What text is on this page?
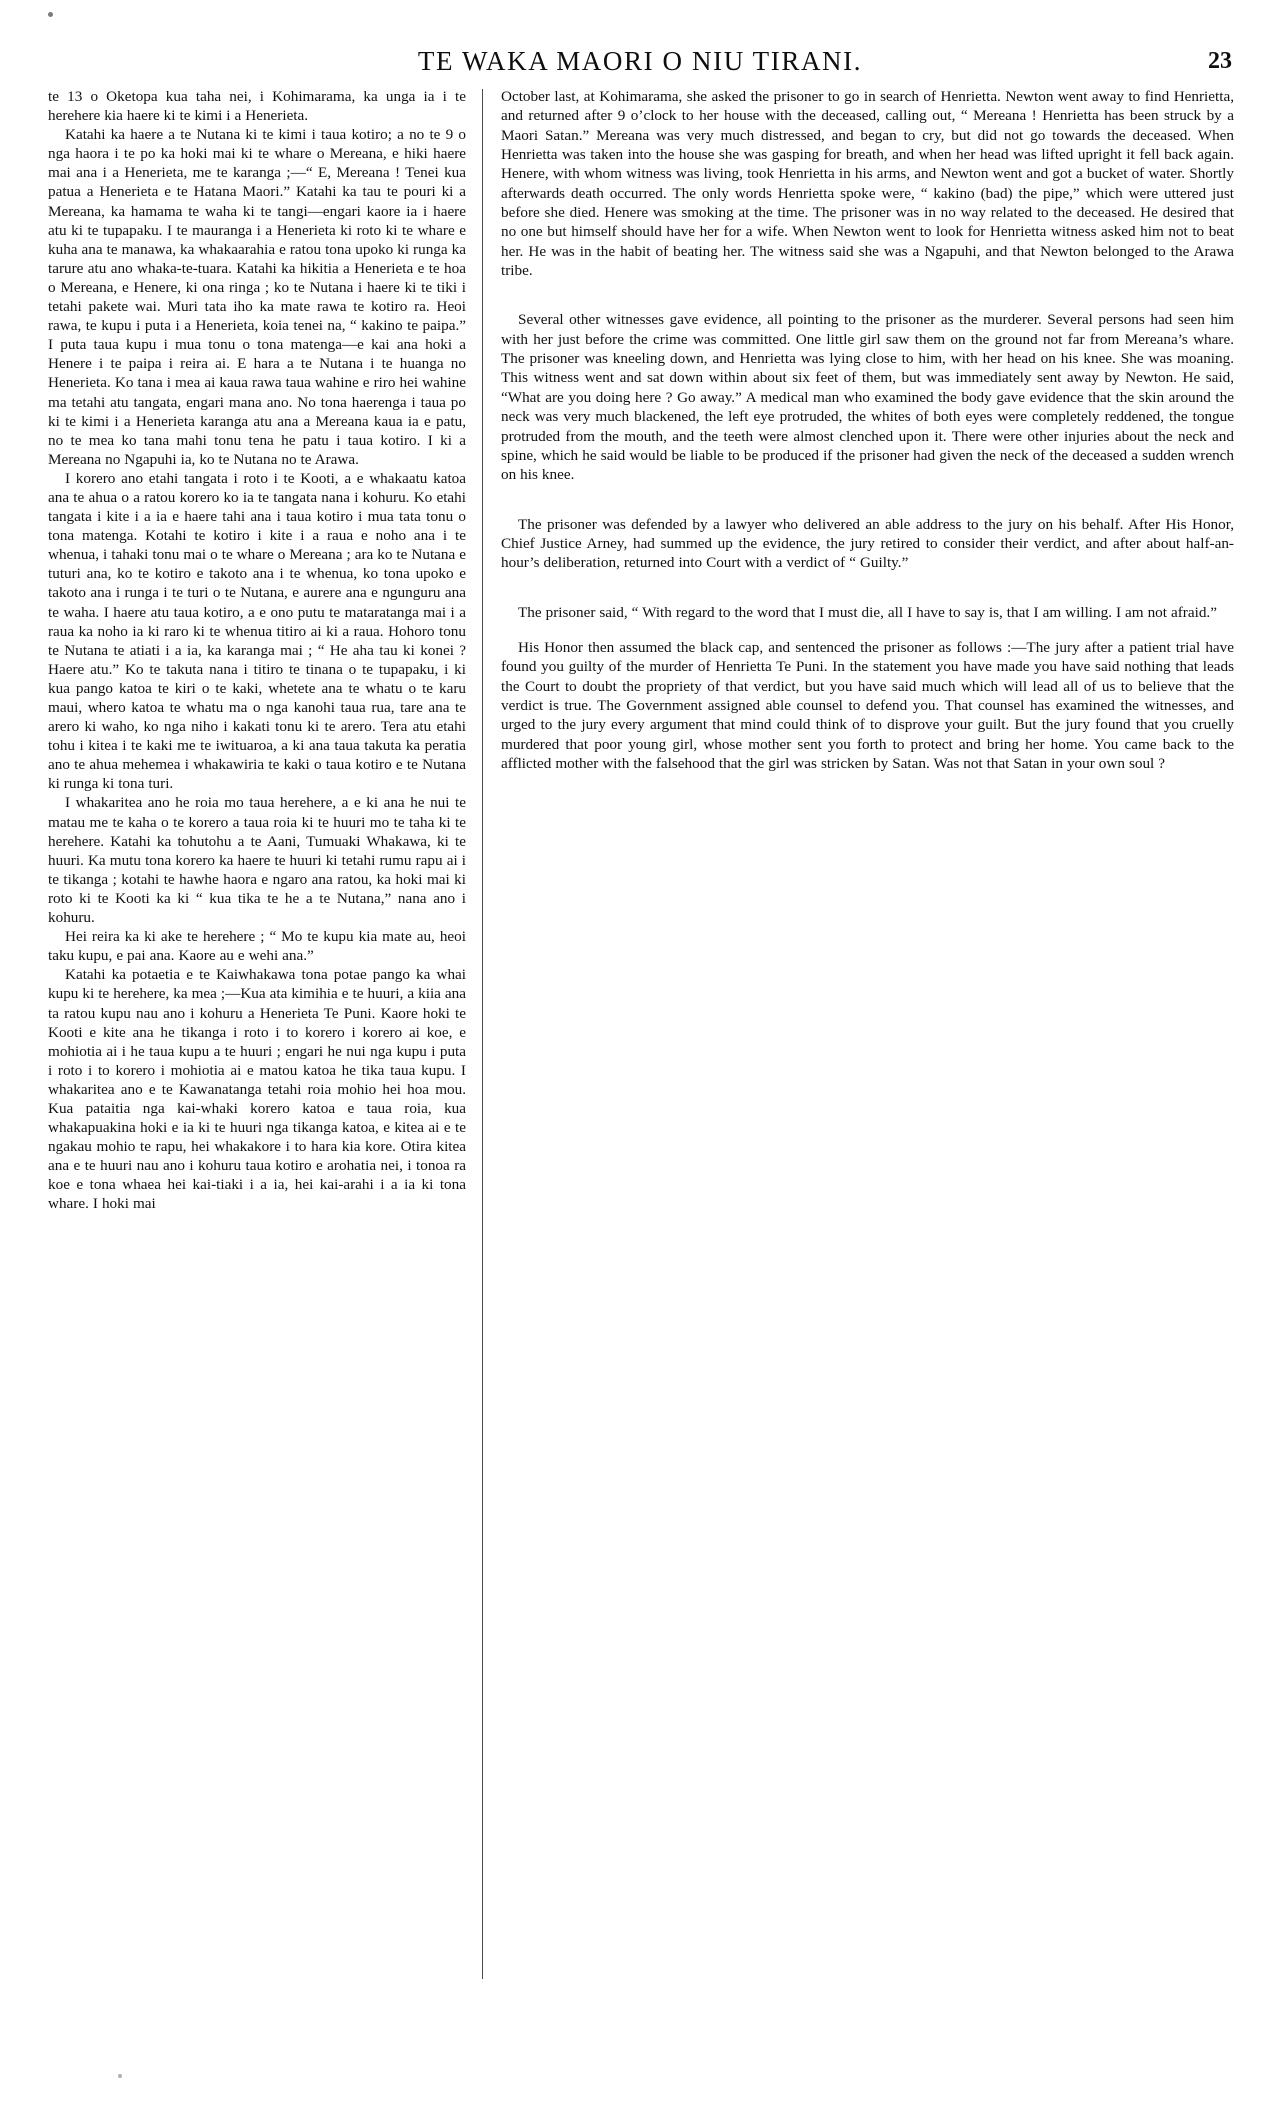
TE WAKA MAORI O NIU TIRANI.	23

te 13 o Oketopa kua taha nei, i Kohimarama, ka unga ia i te herehere kia haere ki te kimi i a Henerieta.

Katahi ka haere a te Nutana ki te kimi i taua kotiro; a no te 9 o nga haora i te po ka hoki mai ki te whare o Mereana, e hiki haere mai ana i a Henerieta, me te karanga ;—“ E, Mereana ! Tenei kua patua a Henerieta e te Hatana Maori.” Katahi ka tau te pouri ki a Mereana, ka hamama te waha ki te tangi—engari kaore ia i haere atu ki te tupapaku. I te mauranga i a Henerieta ki roto ki te whare e kuha ana te manawa, ka whakaarahia e ratou tona upoko ki runga ka tarure atu ano whaka-te-tuara. Katahi ka hikitia a Henerieta e te hoa o Mereana, e Henere, ki ona ringa ; ko te Nutana i haere ki te tiki i tetahi pakete wai. Muri tata iho ka mate rawa te kotiro ra. Heoi rawa, te kupu i puta i a Henerieta, koia tenei na, “ kakino te paipa.” I puta taua kupu i mua tonu o tona matenga—e kai ana hoki a Henere i te paipa i reira ai. E hara a te Nutana i te huanga no Henerieta. Ko tana i mea ai kaua rawa taua wahine e riro hei wahine ma tetahi atu tangata, engari mana ano. No tona haerenga i taua po ki te kimi i a Henerieta karanga atu ana a Mereana kaua ia e patu, no te mea ko tana mahi tonu tena he patu i taua kotiro. I ki a Mereana no Ngapuhi ia, ko te Nutana no te Arawa.

I korero ano etahi tangata i roto i te Kooti, a e whakaatu katoa ana te ahua o a ratou korero ko ia te tangata nana i kohuru. Ko etahi tangata i kite i a ia e haere tahi ana i taua kotiro i mua tata tonu o tona matenga. Kotahi te kotiro i kite i a raua e noho ana i te whenua, i tahaki tonu mai o te whare o Mereana ; ara ko te Nutana e tuturi ana, ko te kotiro e takoto ana i te whenua, ko tona upoko e takoto ana i runga i te turi o te Nutana, e aurere ana e ngunguru ana te waha. I haere atu taua kotiro, a e ono putu te mataratanga mai i a raua ka noho ia ki raro ki te whenua titiro ai ki a raua. Hohoro tonu te Nutana te atiati i a ia, ka karanga mai ; “ He aha tau ki konei ? Haere atu.” Ko te takuta nana i titiro te tinana o te tupapaku, i ki kua pango katoa te kiri o te kaki, whetete ana te whatu o te karu maui, whero katoa te whatu ma o nga kanohi taua rua, tare ana te arero ki waho, ko nga niho i kakati tonu ki te arero. Tera atu etahi tohu i kitea i te kaki me te iwituaroa, a ki ana taua takuta ka peratia ano te ahua mehemea i whakawiria te kaki o taua kotiro e te Nutana ki runga ki tona turi.

I whakaritea ano he roia mo taua herehere, a e ki ana he nui te matau me te kaha o te korero a taua roia ki te huuri mo te taha ki te herehere. Katahi ka tohutohu a te Aani, Tumuaki Whakawa, ki te huuri. Ka mutu tona korero ka haere te huuri ki tetahi rumu rapu ai i te tikanga ; kotahi te hawhe haora e ngaro ana ratou, ka hoki mai ki roto ki te Kooti ka ki “ kua tika te he a te Nutana,” nana ano i kohuru.

Hei reira ka ki ake te herehere ; “ Mo te kupu kia mate au, heoi taku kupu, e pai ana. Kaore au e wehi ana.”

Katahi ka potaetia e te Kaiwhakawa tona potae pango ka whai kupu ki te herehere, ka mea ;—Kua ata kimihia e te huuri, a kiia ana ta ratou kupu nau ano i kohuru a Henerieta Te Puni. Kaore hoki te Kooti e kite ana he tikanga i roto i to korero i korero ai koe, e mohiotia ai i he taua kupu a te huuri ; engari he nui nga kupu i puta i roto i to korero i mohiotia ai e matou katoa he tika taua kupu. I whakaritea ano e te Kawanatanga tetahi roia mohio hei hoa mou. Kua pataitia nga kai-whaki korero katoa e taua roia, kua whakapuakina hoki e ia ki te huuri nga tikanga katoa, e kitea ai e te ngakau mohio te rapu, hei whakakore i to hara kia kore. Otira kitea ana e te huuri nau ano i kohuru taua kotiro e arohatia nei, i tonoa ra koe e tona whaea hei kai-tiaki i a ia, hei kai-arahi i a ia ki tona whare. I hoki mai

October last, at Kohimarama, she asked the prisoner to go in search of Henrietta. Newton went away to find Henrietta, and returned after 9 o’clock to her house with the deceased, calling out, “ Mereana ! Henrietta has been struck by a Maori Satan.” Mereana was very much distressed, and began to cry, but did not go towards the deceased. When Henrietta was taken into the house she was gasping for breath, and when her head was lifted upright it fell back again. Henere, with whom witness was living, took Henrietta in his arms, and Newton went and got a bucket of water. Shortly afterwards death occurred. The only words Henrietta spoke were, “ kakino (bad) the pipe,” which were uttered just before she died. Henere was smoking at the time. The prisoner was in no way related to the deceased. He desired that no one but himself should have her for a wife. When Newton went to look for Henrietta witness asked him not to beat her. He was in the habit of beating her. The witness said she was a Ngapuhi, and that Newton belonged to the Arawa tribe.

Several other witnesses gave evidence, all pointing to the prisoner as the murderer. Several persons had seen him with her just before the crime was committed. One little girl saw them on the ground not far from Mereana’s whare. The prisoner was kneeling down, and Henrietta was lying close to him, with her head on his knee. She was moaning. This witness went and sat down within about six feet of them, but was immediately sent away by Newton. He said, “What are you doing here ? Go away.” A medical man who examined the body gave evidence that the skin around the neck was very much blackened, the left eye protruded, the whites of both eyes were completely reddened, the tongue protruded from the mouth, and the teeth were almost clenched upon it. There were other injuries about the neck and spine, which he said would be liable to be produced if the prisoner had given the neck of the deceased a sudden wrench on his knee.

The prisoner was defended by a lawyer who delivered an able address to the jury on his behalf. After His Honor, Chief Justice Arney, had summed up the evidence, the jury retired to consider their verdict, and after about half-an-hour’s deliberation, returned into Court with a verdict of “ Guilty.”

The prisoner said, “ With regard to the word that I must die, all I have to say is, that I am willing. I am not afraid.”

His Honor then assumed the black cap, and sentenced the prisoner as follows :—The jury after a patient trial have found you guilty of the murder of Henrietta Te Puni. In the statement you have made you have said nothing that leads the Court to doubt the propriety of that verdict, but you have said much which will lead all of us to believe that the verdict is true. The Government assigned able counsel to defend you. That counsel has examined the witnesses, and urged to the jury every argument that mind could think of to disprove your guilt. But the jury found that you cruelly murdered that poor young girl, whose mother sent you forth to protect and bring her home. You came back to the afflicted mother with the falsehood that the girl was stricken by Satan. Was not that Satan in your own soul ?
